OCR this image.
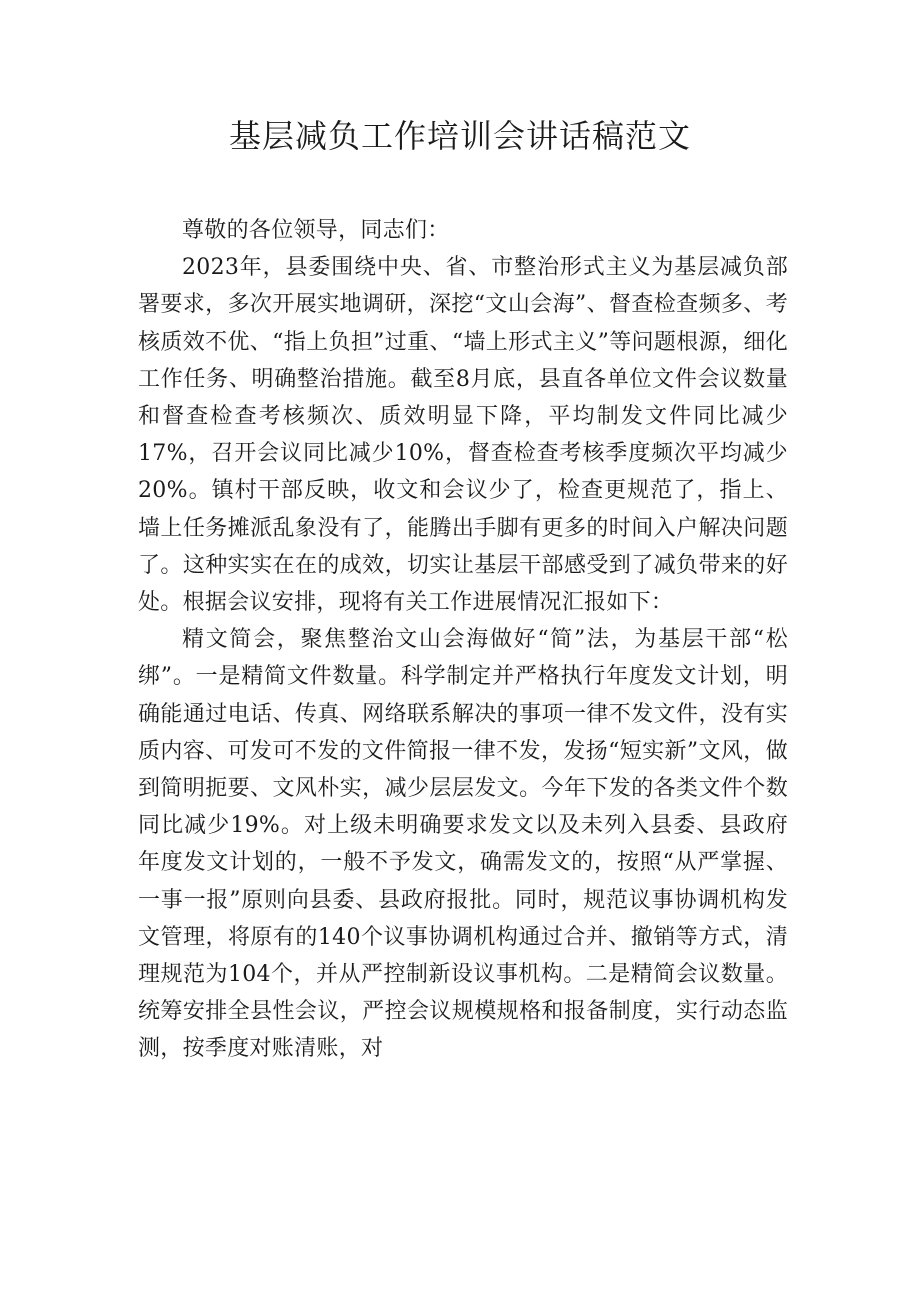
基层减负工作培训会讲话稿范文

尊敬的各位领导，同志们：

2023年，县委围绕中央、省、市整治形式主义为基层减负部署要求，多次开展实地调研，深挖“文山会海”、督查检查频多、考核质效不优、“指上负担”过重、“墙上形式主义”等问题根源，细化工作任务、明确整治措施。截至8月底，县直各单位文件会议数量和督查检查考核频次、质效明显下降，平均制发文件同比减少17%，召开会议同比减少10%，督查检查考核季度频次平均减少20%。镇村干部反映，收文和会议少了，检查更规范了，指上、墙上任务摊派乱象没有了，能腾出手脚有更多的时间入户解决问题了。这种实实在在的成效，切实让基层干部感受到了减负带来的好处。根据会议安排，现将有关工作进展情况汇报如下：

精文简会，聚焦整治文山会海做好“简”法，为基层干部“松绑”。一是精简文件数量。科学制定并严格执行年度发文计划，明确能通过电话、传真、网络联系解决的事项一律不发文件，没有实质内容、可发可不发的文件简报一律不发，发扬“短实新”文风，做到简明扼要、文风朴实，减少层层发文。今年下发的各类文件个数同比减少19%。对上级未明确要求发文以及未列入县委、县政府年度发文计划的，一般不予发文，确需发文的，按照“从严掌握、一事一报”原则向县委、县政府报批。同时，规范议事协调机构发文管理，将原有的140个议事协调机构通过合并、撤销等方式，清理规范为104个，并从严控制新设议事机构。二是精简会议数量。统筹安排全县性会议，严控会议规模规格和报备制度，实行动态监测，按季度对账清账，对
